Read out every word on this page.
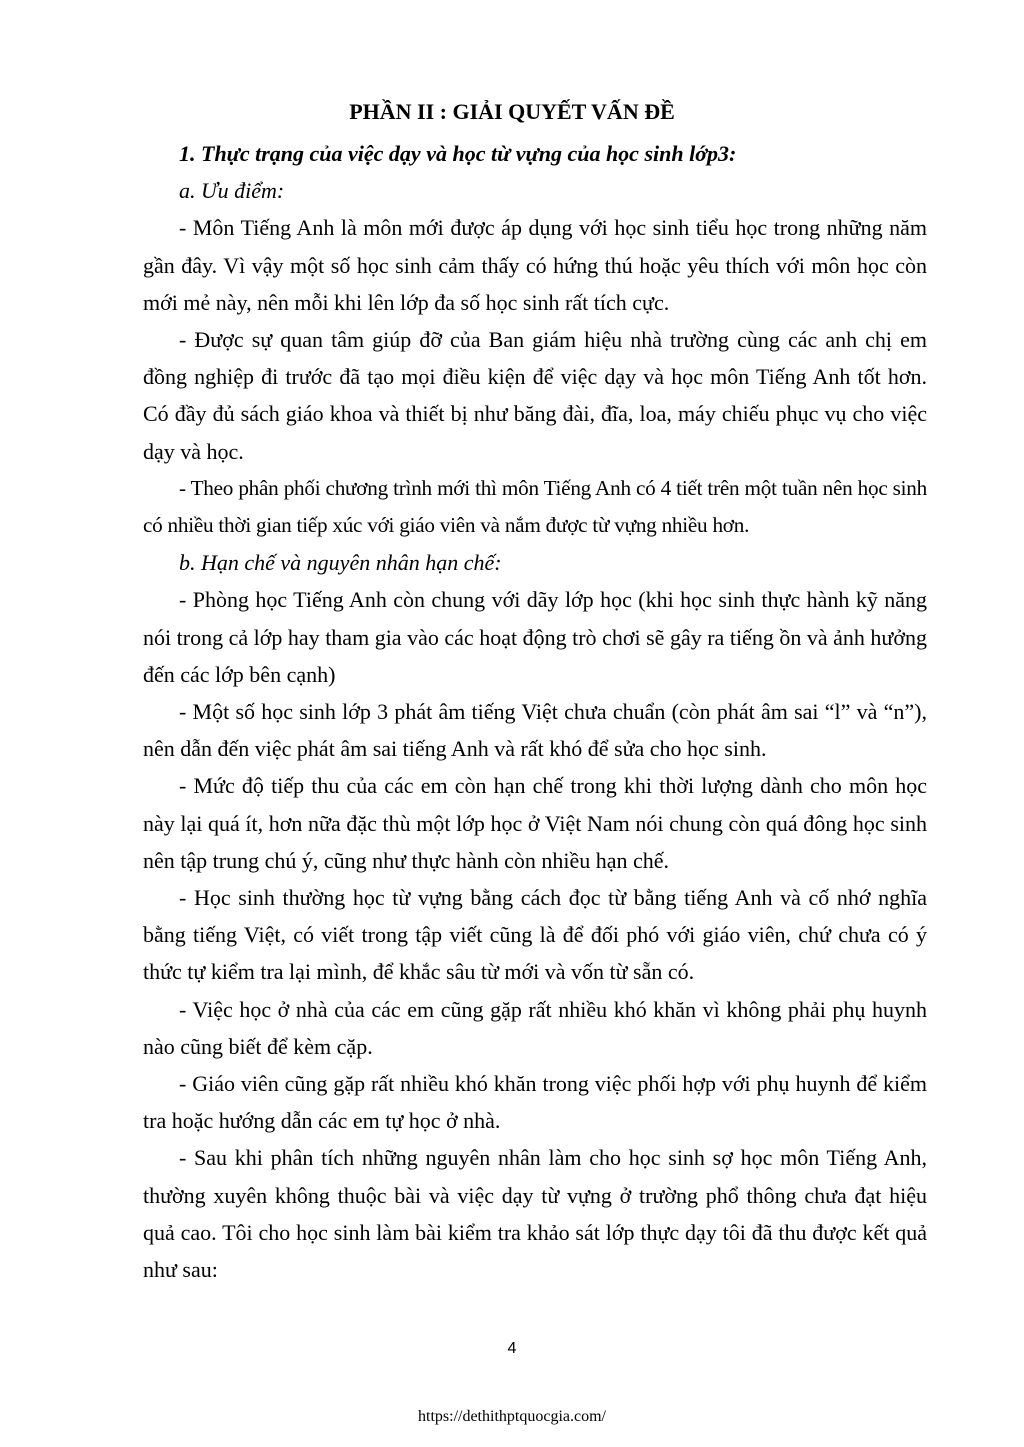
PHẦN II : GIẢI QUYẾT VẤN ĐỀ

1. Thực trạng của việc dạy và học từ vựng của học sinh lớp3:

a. Ưu điểm:

- Môn Tiếng Anh là môn mới được áp dụng với học sinh tiểu học trong những năm gần đây. Vì vậy một số học sinh cảm thấy có hứng thú hoặc yêu thích với môn học còn mới mẻ này, nên mỗi khi lên lớp đa số học sinh rất tích cực.

- Được sự quan tâm giúp đỡ của Ban giám hiệu nhà trường cùng các anh chị em đồng nghiệp đi trước đã tạo mọi điều kiện để việc dạy và học môn Tiếng Anh tốt hơn. Có đầy đủ sách giáo khoa và thiết bị như băng đài, đĩa, loa, máy chiếu phục vụ cho việc dạy và học.

- Theo phân phối chương trình mới thì môn Tiếng Anh có 4 tiết trên một tuần nên học sinh có nhiều thời gian tiếp xúc với giáo viên và nắm được từ vựng nhiều hơn.

b. Hạn chế và nguyên nhân hạn chế:

- Phòng học Tiếng Anh còn chung với dãy lớp học (khi học sinh thực hành kỹ năng nói trong cả lớp hay tham gia vào các hoạt động trò chơi sẽ gây ra tiếng ồn và ảnh hưởng đến các lớp bên cạnh)

- Một số học sinh lớp 3 phát âm tiếng Việt chưa chuẩn (còn phát âm sai “l” và “n”), nên dẫn đến việc phát âm sai tiếng Anh và rất khó để sửa cho học sinh.

- Mức độ tiếp thu của các em còn hạn chế trong khi thời lượng dành cho môn học này lại quá ít, hơn nữa đặc thù một lớp học ở Việt Nam nói chung còn quá đông học sinh nên tập trung chú ý, cũng như thực hành còn nhiều hạn chế.

- Học sinh thường học từ vựng bằng cách đọc từ bằng tiếng Anh và cố nhớ nghĩa bằng tiếng Việt, có viết trong tập viết cũng là để đối phó với giáo viên, chứ chưa có ý thức tự kiểm tra lại mình, để khắc sâu từ mới và vốn từ sẵn có.

- Việc học ở nhà của các em cũng gặp rất nhiều khó khăn vì không phải phụ huynh nào cũng biết để kèm cặp.

- Giáo viên cũng gặp rất nhiều khó khăn trong việc phối hợp với phụ huynh để kiểm tra hoặc hướng dẫn các em tự học ở nhà.

- Sau khi phân tích những nguyên nhân làm cho học sinh sợ học môn Tiếng Anh, thường xuyên không thuộc bài và việc dạy từ vựng ở trường phổ thông chưa đạt hiệu quả cao. Tôi cho học sinh làm bài kiểm tra khảo sát lớp thực dạy tôi đã thu được kết quả như sau:

4
https://dethithptquocgia.com/
